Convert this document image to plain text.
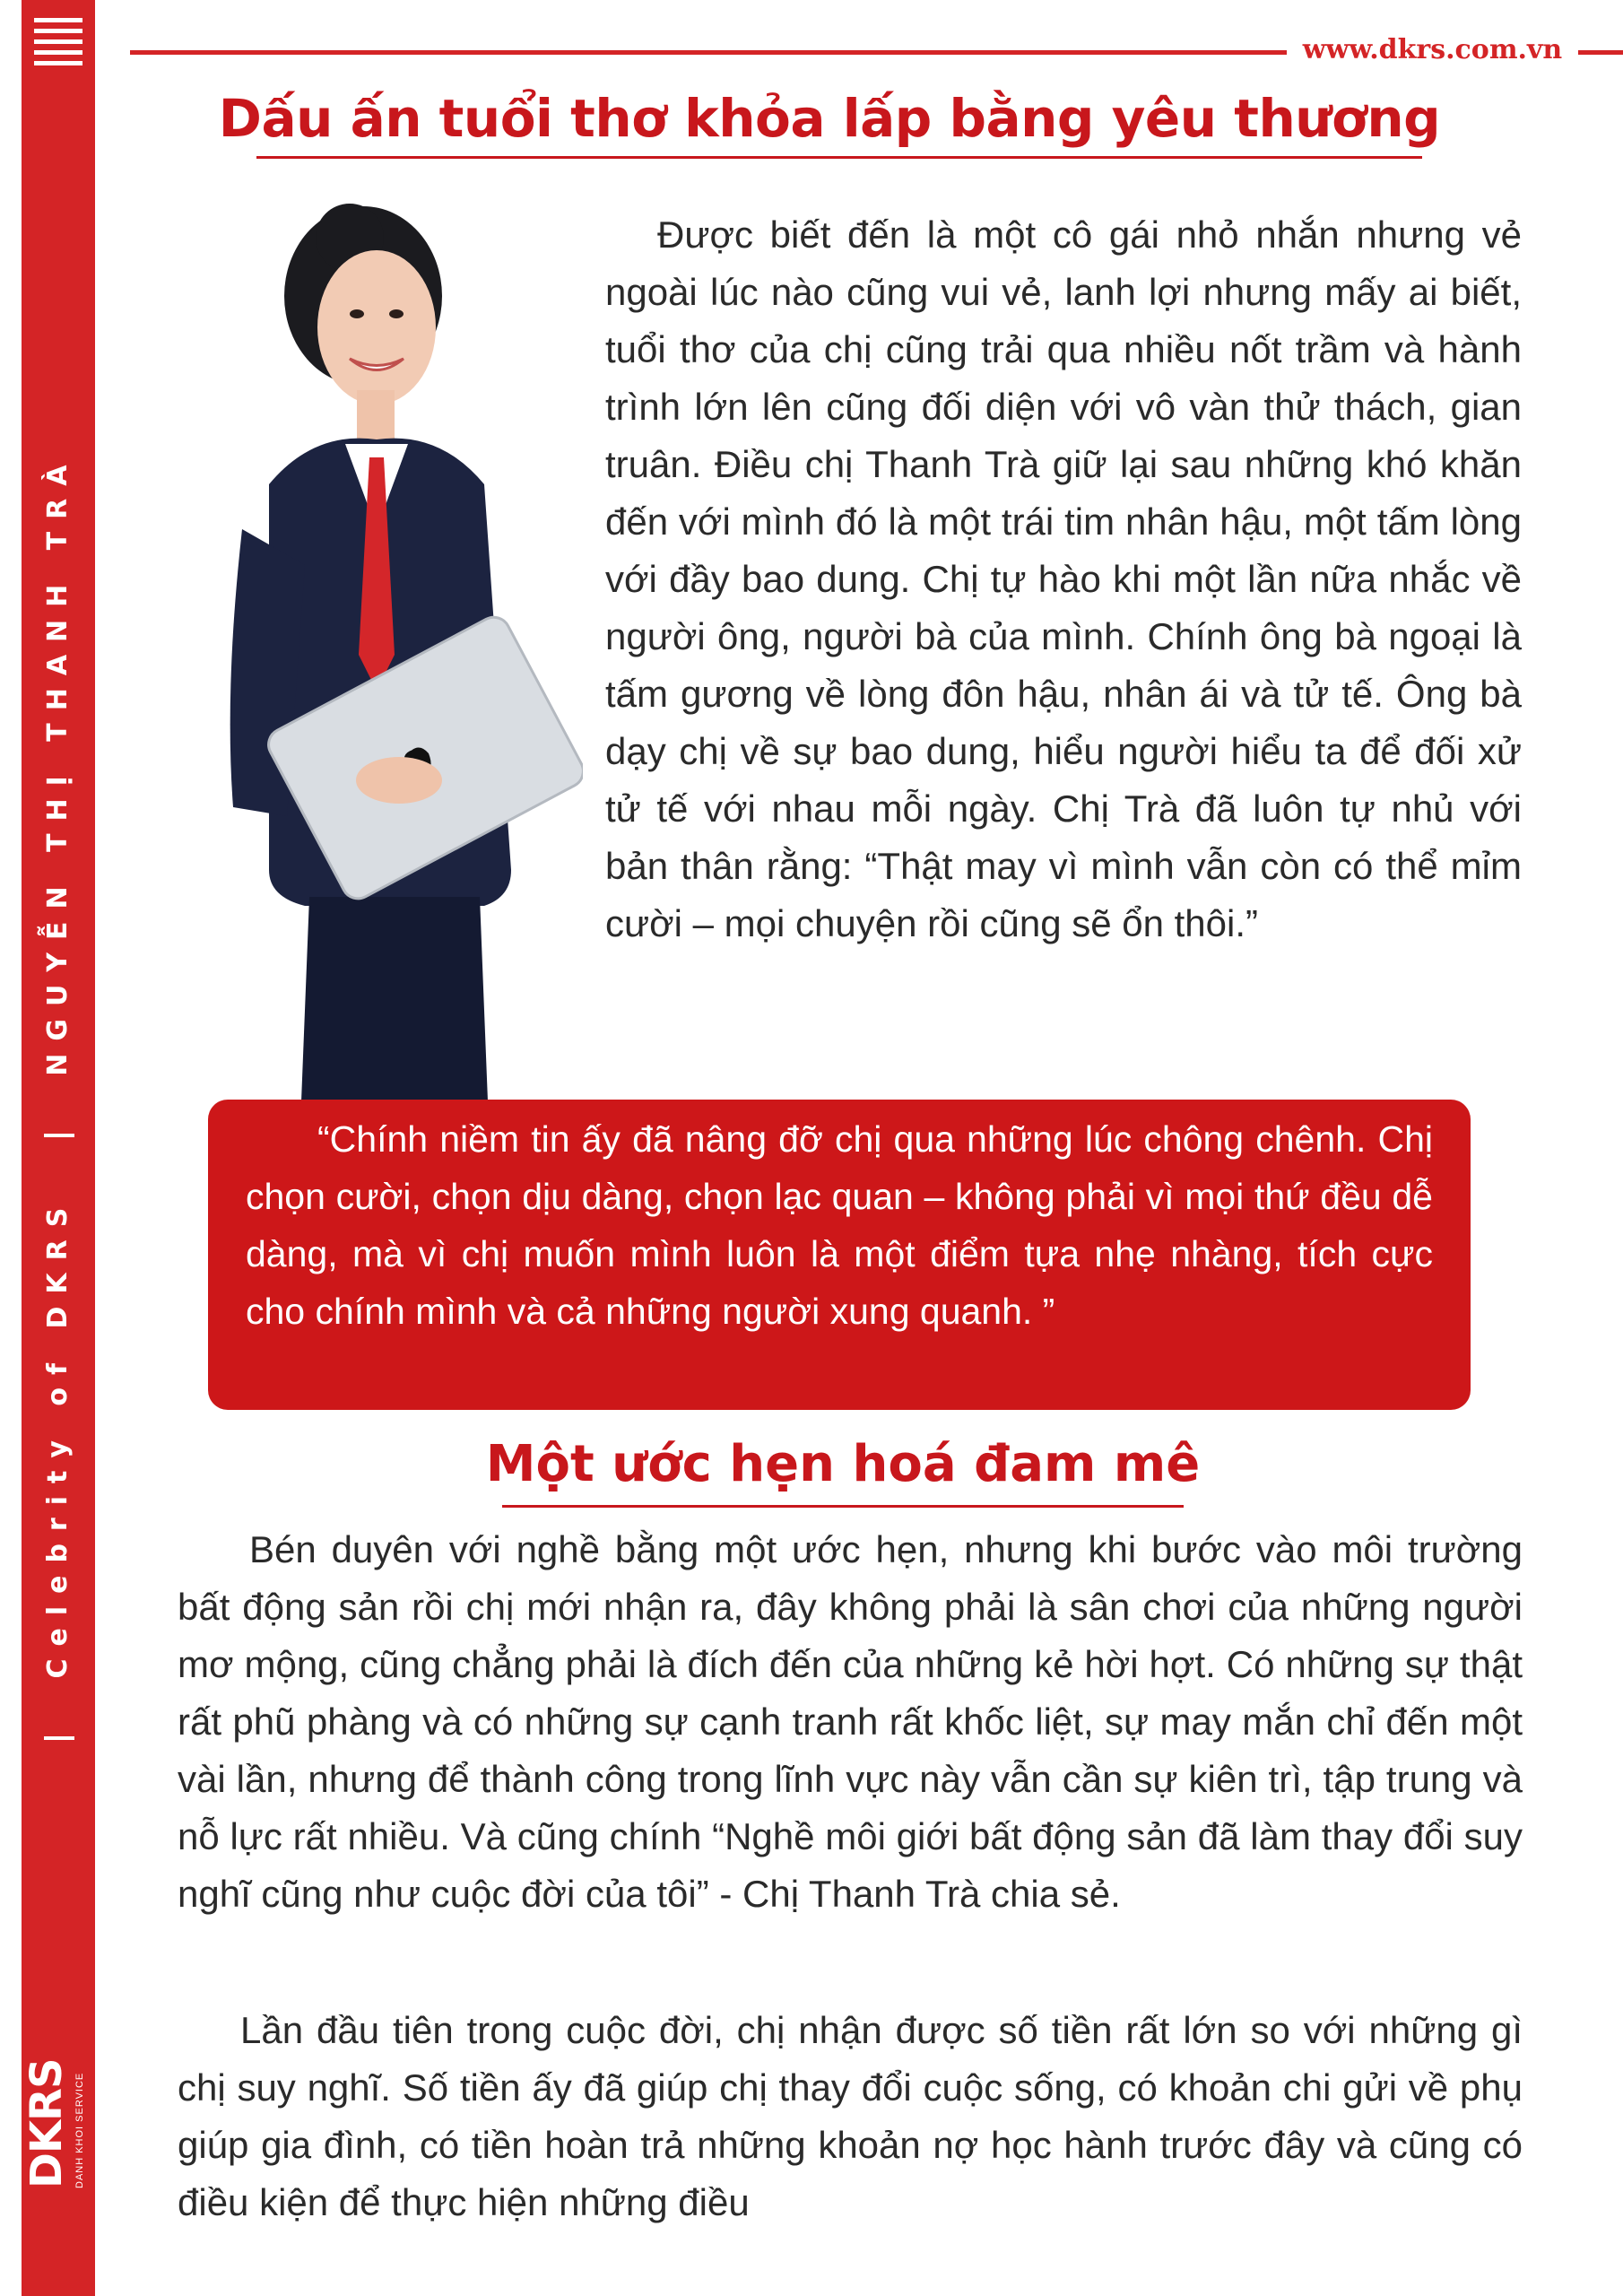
Celebrity of DKRS  NGUYỄN THỊ THANH TRÀ
DKRS DANH KHOI SERVICE
www.dkrs.com.vn
Dấu ấn tuổi thơ khỏa lấp bằng yêu thương

Được biết đến là một cô gái nhỏ nhắn nhưng vẻ ngoài lúc nào cũng vui vẻ, lanh lợi nhưng mấy ai biết, tuổi thơ của chị cũng trải qua nhiều nốt trầm và hành trình lớn lên cũng đối diện với vô vàn thử thách, gian truân. Điều chị Thanh Trà giữ lại sau những khó khăn đến với mình đó là một trái tim nhân hậu, một tấm lòng với đầy bao dung. Chị tự hào khi một lần nữa nhắc về người ông, người bà của mình. Chính ông bà ngoại là tấm gương về lòng đôn hậu, nhân ái và tử tế. Ông bà dạy chị về sự bao dung, hiểu người hiểu ta để đối xử tử tế với nhau mỗi ngày. Chị Trà đã luôn tự nhủ với bản thân rằng: “Thật may vì mình vẫn còn có thể mỉm cười – mọi chuyện rồi cũng sẽ ổn thôi.”

“Chính niềm tin ấy đã nâng đỡ chị qua những lúc chông chênh. Chị chọn cười, chọn dịu dàng, chọn lạc quan – không phải vì mọi thứ đều dễ dàng, mà vì chị muốn mình luôn là một điểm tựa nhẹ nhàng, tích cực cho chính mình và cả những người xung quanh. ”

Một ước hẹn hoá đam mê

Bén duyên với nghề bằng một ước hẹn, nhưng khi bước vào môi trường bất động sản rồi chị mới nhận ra, đây không phải là sân chơi của những người mơ mộng, cũng chẳng phải là đích đến của những kẻ hời hợt. Có những sự thật rất phũ phàng và có những sự cạnh tranh rất khốc liệt, sự may mắn chỉ đến một vài lần, nhưng để thành công trong lĩnh vực này vẫn cần sự kiên trì, tập trung và nỗ lực rất nhiều. Và cũng chính “Nghề môi giới bất động sản đã làm thay đổi suy nghĩ cũng như cuộc đời của tôi” - Chị Thanh Trà chia sẻ.

Lần đầu tiên trong cuộc đời, chị nhận được số tiền rất lớn so với những gì chị suy nghĩ. Số tiền ấy đã giúp chị thay đổi cuộc sống, có khoản chi gửi về phụ giúp gia đình, có tiền hoàn trả những khoản nợ học hành trước đây và cũng có điều kiện để thực hiện những điều
